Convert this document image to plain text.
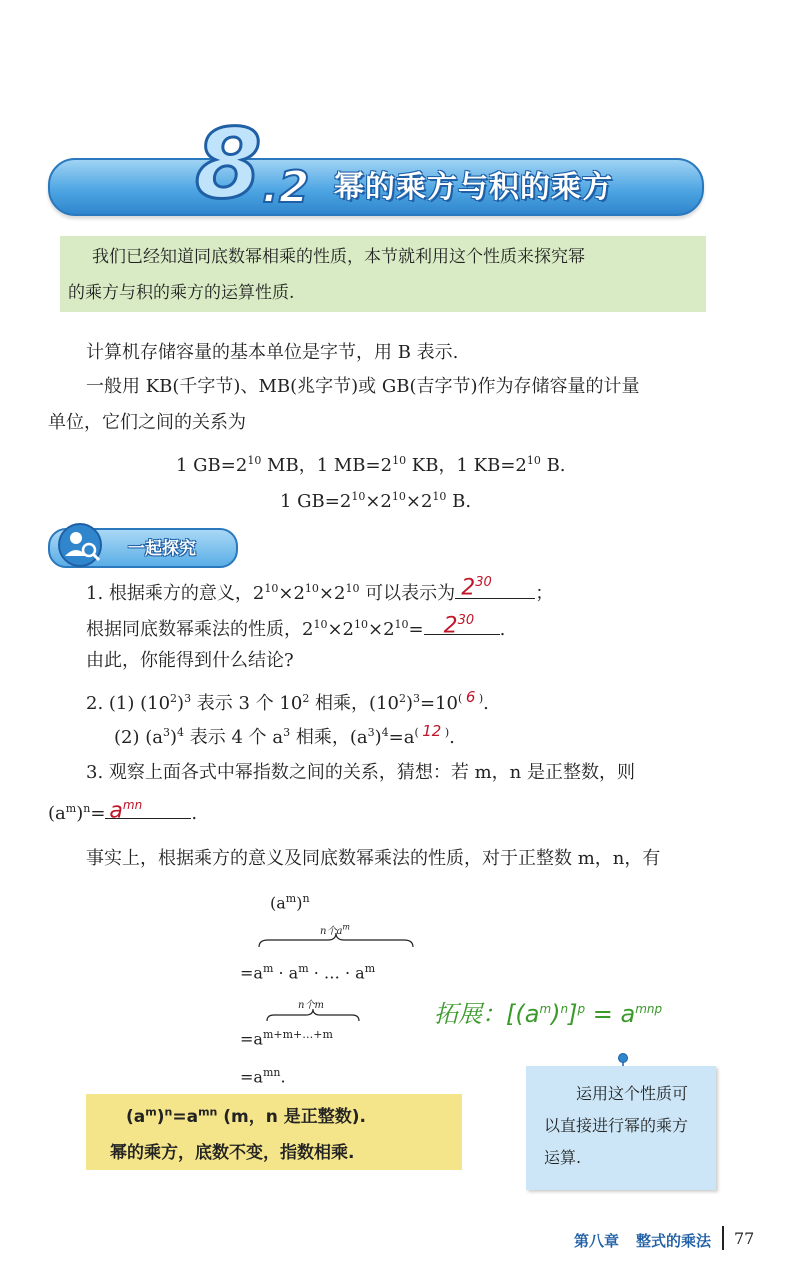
8 .2 幂的乘方与积的乘方

我们已经知道同底数幂相乘的性质，本节就利用这个性质来探究幂

的乘方与积的乘方的运算性质.

计算机存储容量的基本单位是字节，用 B 表示.
一般用 KB(千字节)、MB(兆字节)或 GB(吉字节)作为存储容量的计量
单位，它们之间的关系为
1 $GB=2^{10}$ MB，1 $MB=2^{10}$ KB，1 $KB=2^{10}$ B.
1 $GB=2^{10}\times 2^{10}\times 2^{10}$ B.
一起探究
1. 根据乘方的意义，$2^{10}\times 2^{10}\times 2^{10}$ 可以表示为 $2^{30}$
；
根据同底数幂乘法的性质，$2^{10}\times 2^{10}\times 2^{10}= 2^{30}$ .
由此，你能得到什么结论?
2. (1) $(10^2)^3$ 表示 3 个 $10^2$ 相乘，$(10^2)^3=10^{( 6 )}$.
(2) $(a^3)^4$ 表示 4 个 $a^3$ 相乘，$(a^3)^4=a^{( 12 )}$.
3. 观察上面各式中幂指数之间的关系，猜想：若 m，n 是正整数，则
$(a^m)^n= a^{mn}$	.
事实上，根据乘方的意义及同底数幂乘法的性质，对于正整数 m，n，有
$(a^m)^n$
n个$a^m$
$=a^m \cdot a^m$ · … · $a^m$
n个m
$=a^{m+m+\dots+m}$
$=a^{mn}$.
拓展：$[(a^m)^n]^p = a^{mnp}$
$(a^m)^n=a^{mn}$ (m，n 是正整数).
幂的乘方，底数不变，指数相乘.

运用这个性质可

以直接进行幂的乘方

运算.

第八章 整式的乘法 77
